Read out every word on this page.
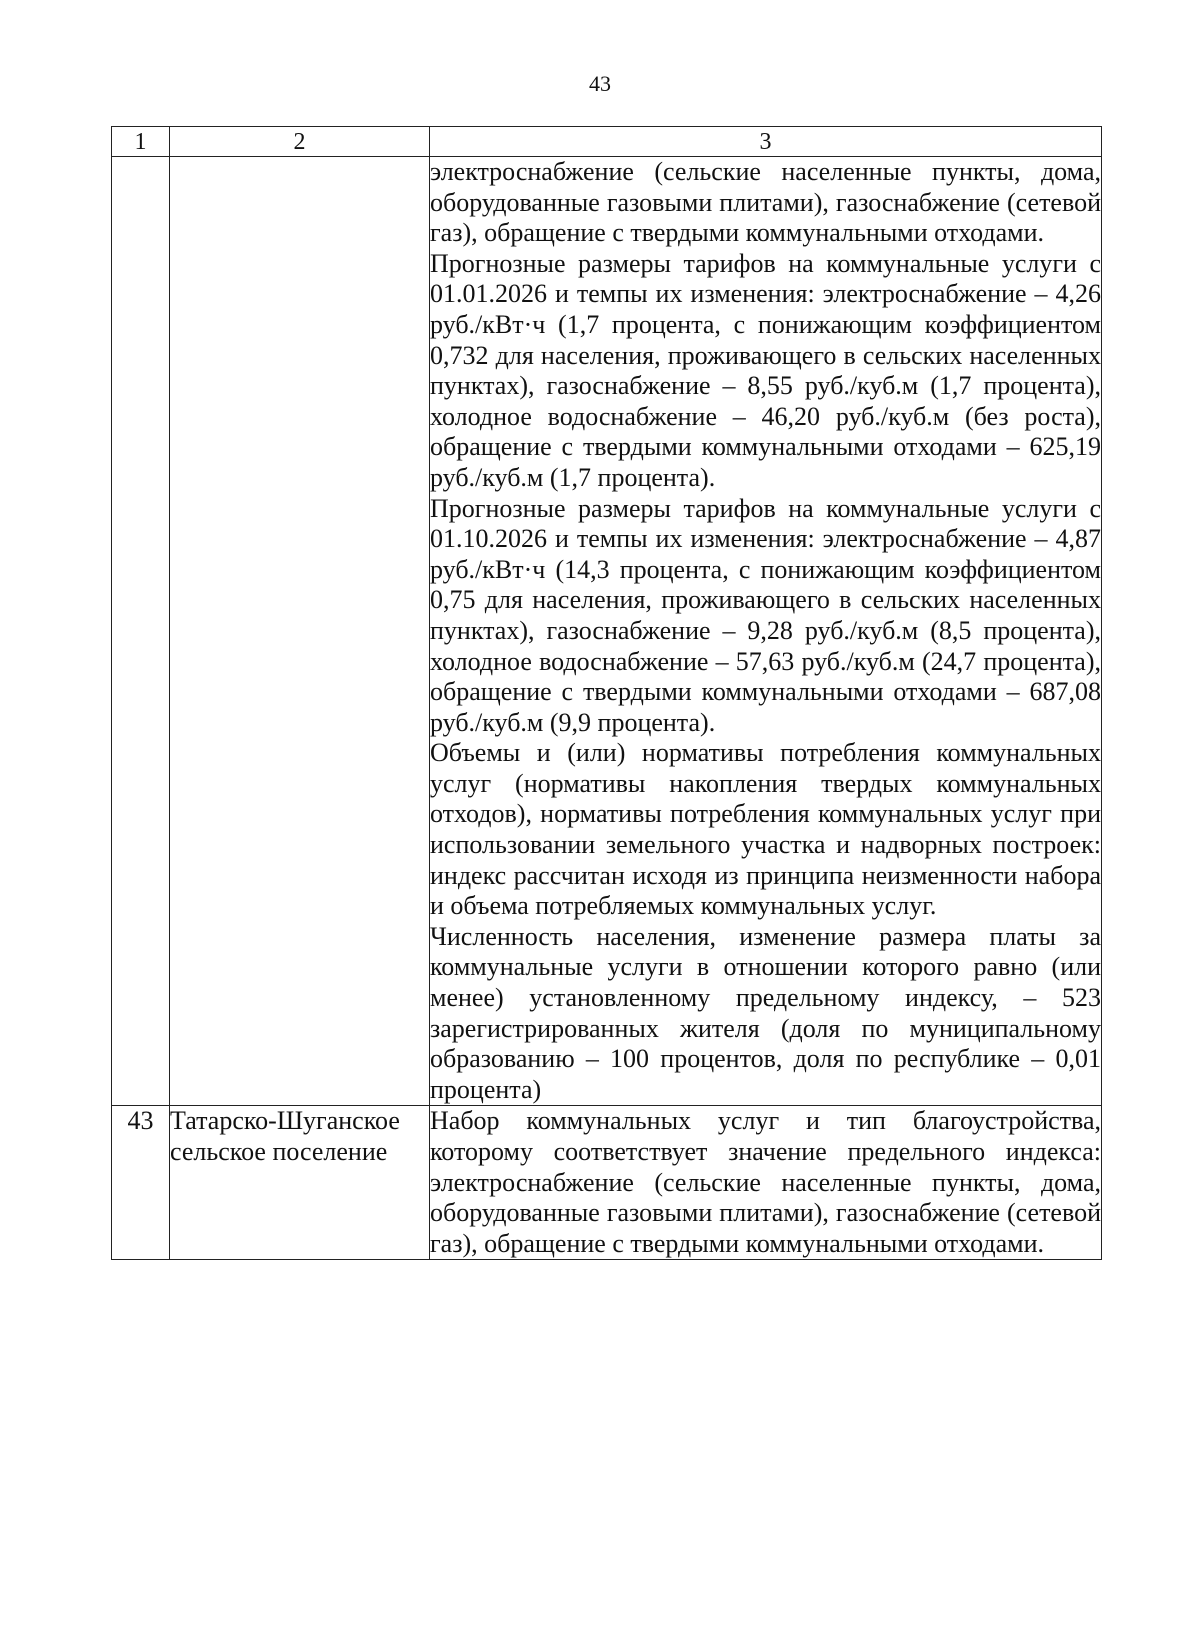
43
1	2	3

		электроснабжение (сельские населенные пункты, дома, оборудованные газовыми плитами), газоснабжение (сетевой газ), обращение с твердыми коммунальными отходами.

Прогнозные размеры тарифов на коммунальные услуги с 01.01.2026 и темпы их изменения: электроснабжение – 4,26 руб./кВт·ч (1,7 процента, с понижающим коэффициентом 0,732 для населения, проживающего в сельских населенных пунктах), газоснабжение – 8,55 руб./куб.м (1,7 процента), холодное водоснабжение – 46,20 руб./куб.м (без роста), обращение с твердыми коммунальными отходами – 625,19 руб./куб.м (1,7 процента).

Прогнозные размеры тарифов на коммунальные услуги с 01.10.2026 и темпы их изменения: электроснабжение – 4,87 руб./кВт·ч (14,3 процента, с понижающим коэффициентом 0,75 для населения, проживающего в сельских населенных пунктах), газоснабжение – 9,28 руб./куб.м (8,5 процента), холодное водоснабжение – 57,63 руб./куб.м (24,7 процента), обращение с твердыми коммунальными отходами – 687,08 руб./куб.м (9,9 процента).

Объемы и (или) нормативы потребления коммунальных услуг (нормативы накопления твердых коммунальных отходов), нормативы потребления коммунальных услуг при использовании земельного участка и надворных построек: индекс рассчитан исходя из принципа неизменности набора и объема потребляемых коммунальных услуг.

Численность населения, изменение размера платы за коммунальные услуги в отношении которого равно (или менее) установленному предельному индексу, – 523 зарегистрированных жителя (доля по муниципальному образованию – 100 процентов, доля по республике – 0,01 процента)

43	Татарско-Шуганское сельское поселение	Набор коммунальных услуг и тип благоустройства, которому соответствует значение предельного индекса: электроснабжение (сельские населенные пункты, дома, оборудованные газовыми плитами), газоснабжение (сетевой газ), обращение с твердыми коммунальными отходами.
